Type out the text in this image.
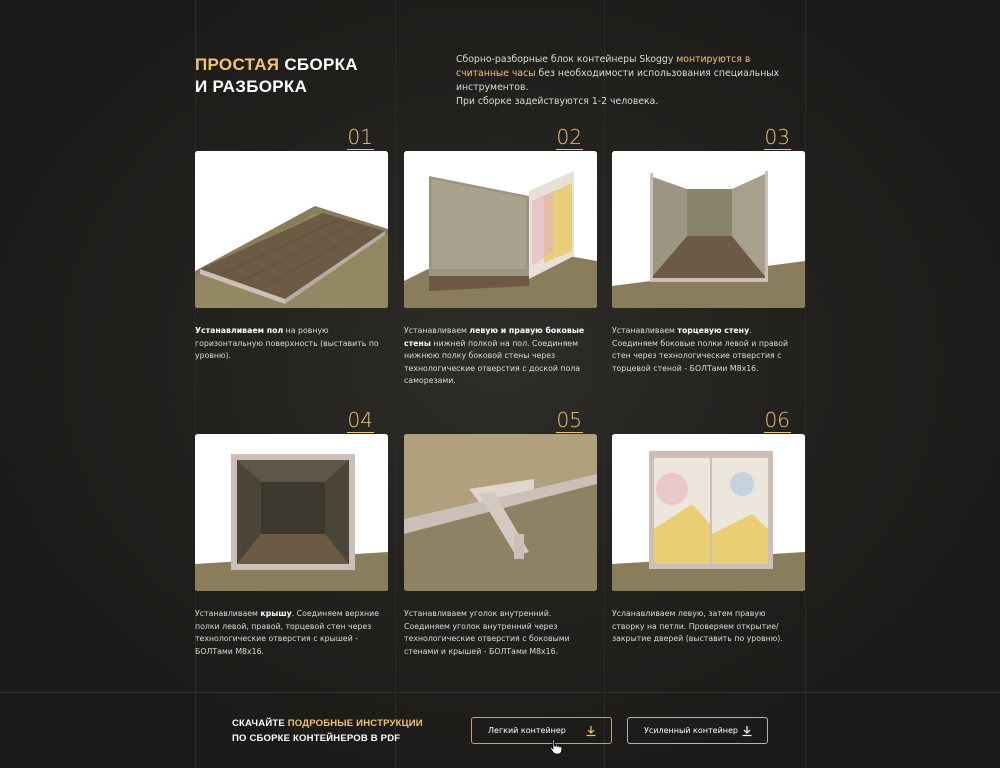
ПРОСТАЯ СБОРКА
И РАЗБОРКА

Сборно-разборные блок контейнеры Skoggy монтируются в считанные часы без необходимости использования специальных инструментов.
При сборке задействуются 1-2 человека.

01

Устанавливаем пол на ровную горизонтальную поверхность (выставить по уровню).

02

Устанавливаем левую и правую боковые стены нижней полкой на пол. Соединяем нижнюю полку боковой стены через технологические отверстия с доской пола саморезами.

03

Устанавливаем торцевую стену. Соединяем боковые полки левой и правой стен через технологические отверстия с торцевой стеной - БОЛТами М8х16.

04

Устанавливаем крышу. Соединяем верхние полки левой, правой, торцевой стен через технологические отверстия с крышей - БОЛТами М8х16.

05

Устанавливаем уголок внутренний. Соединяем уголок внутренний через технологические отверстия с боковыми стенами и крышей - БОЛТами М8х16.

06

Усланавливаем левую, затем правую створку на петли. Проверяем открытие/закрытие дверей (выставить по уровню).

СКАЧАЙТЕ ПОДРОБНЫЕ ИНСТРУКЦИИ
ПО СБОРКЕ КОНТЕЙНЕРОВ В PDF
Легкий контейнер	Усиленный контейнер
